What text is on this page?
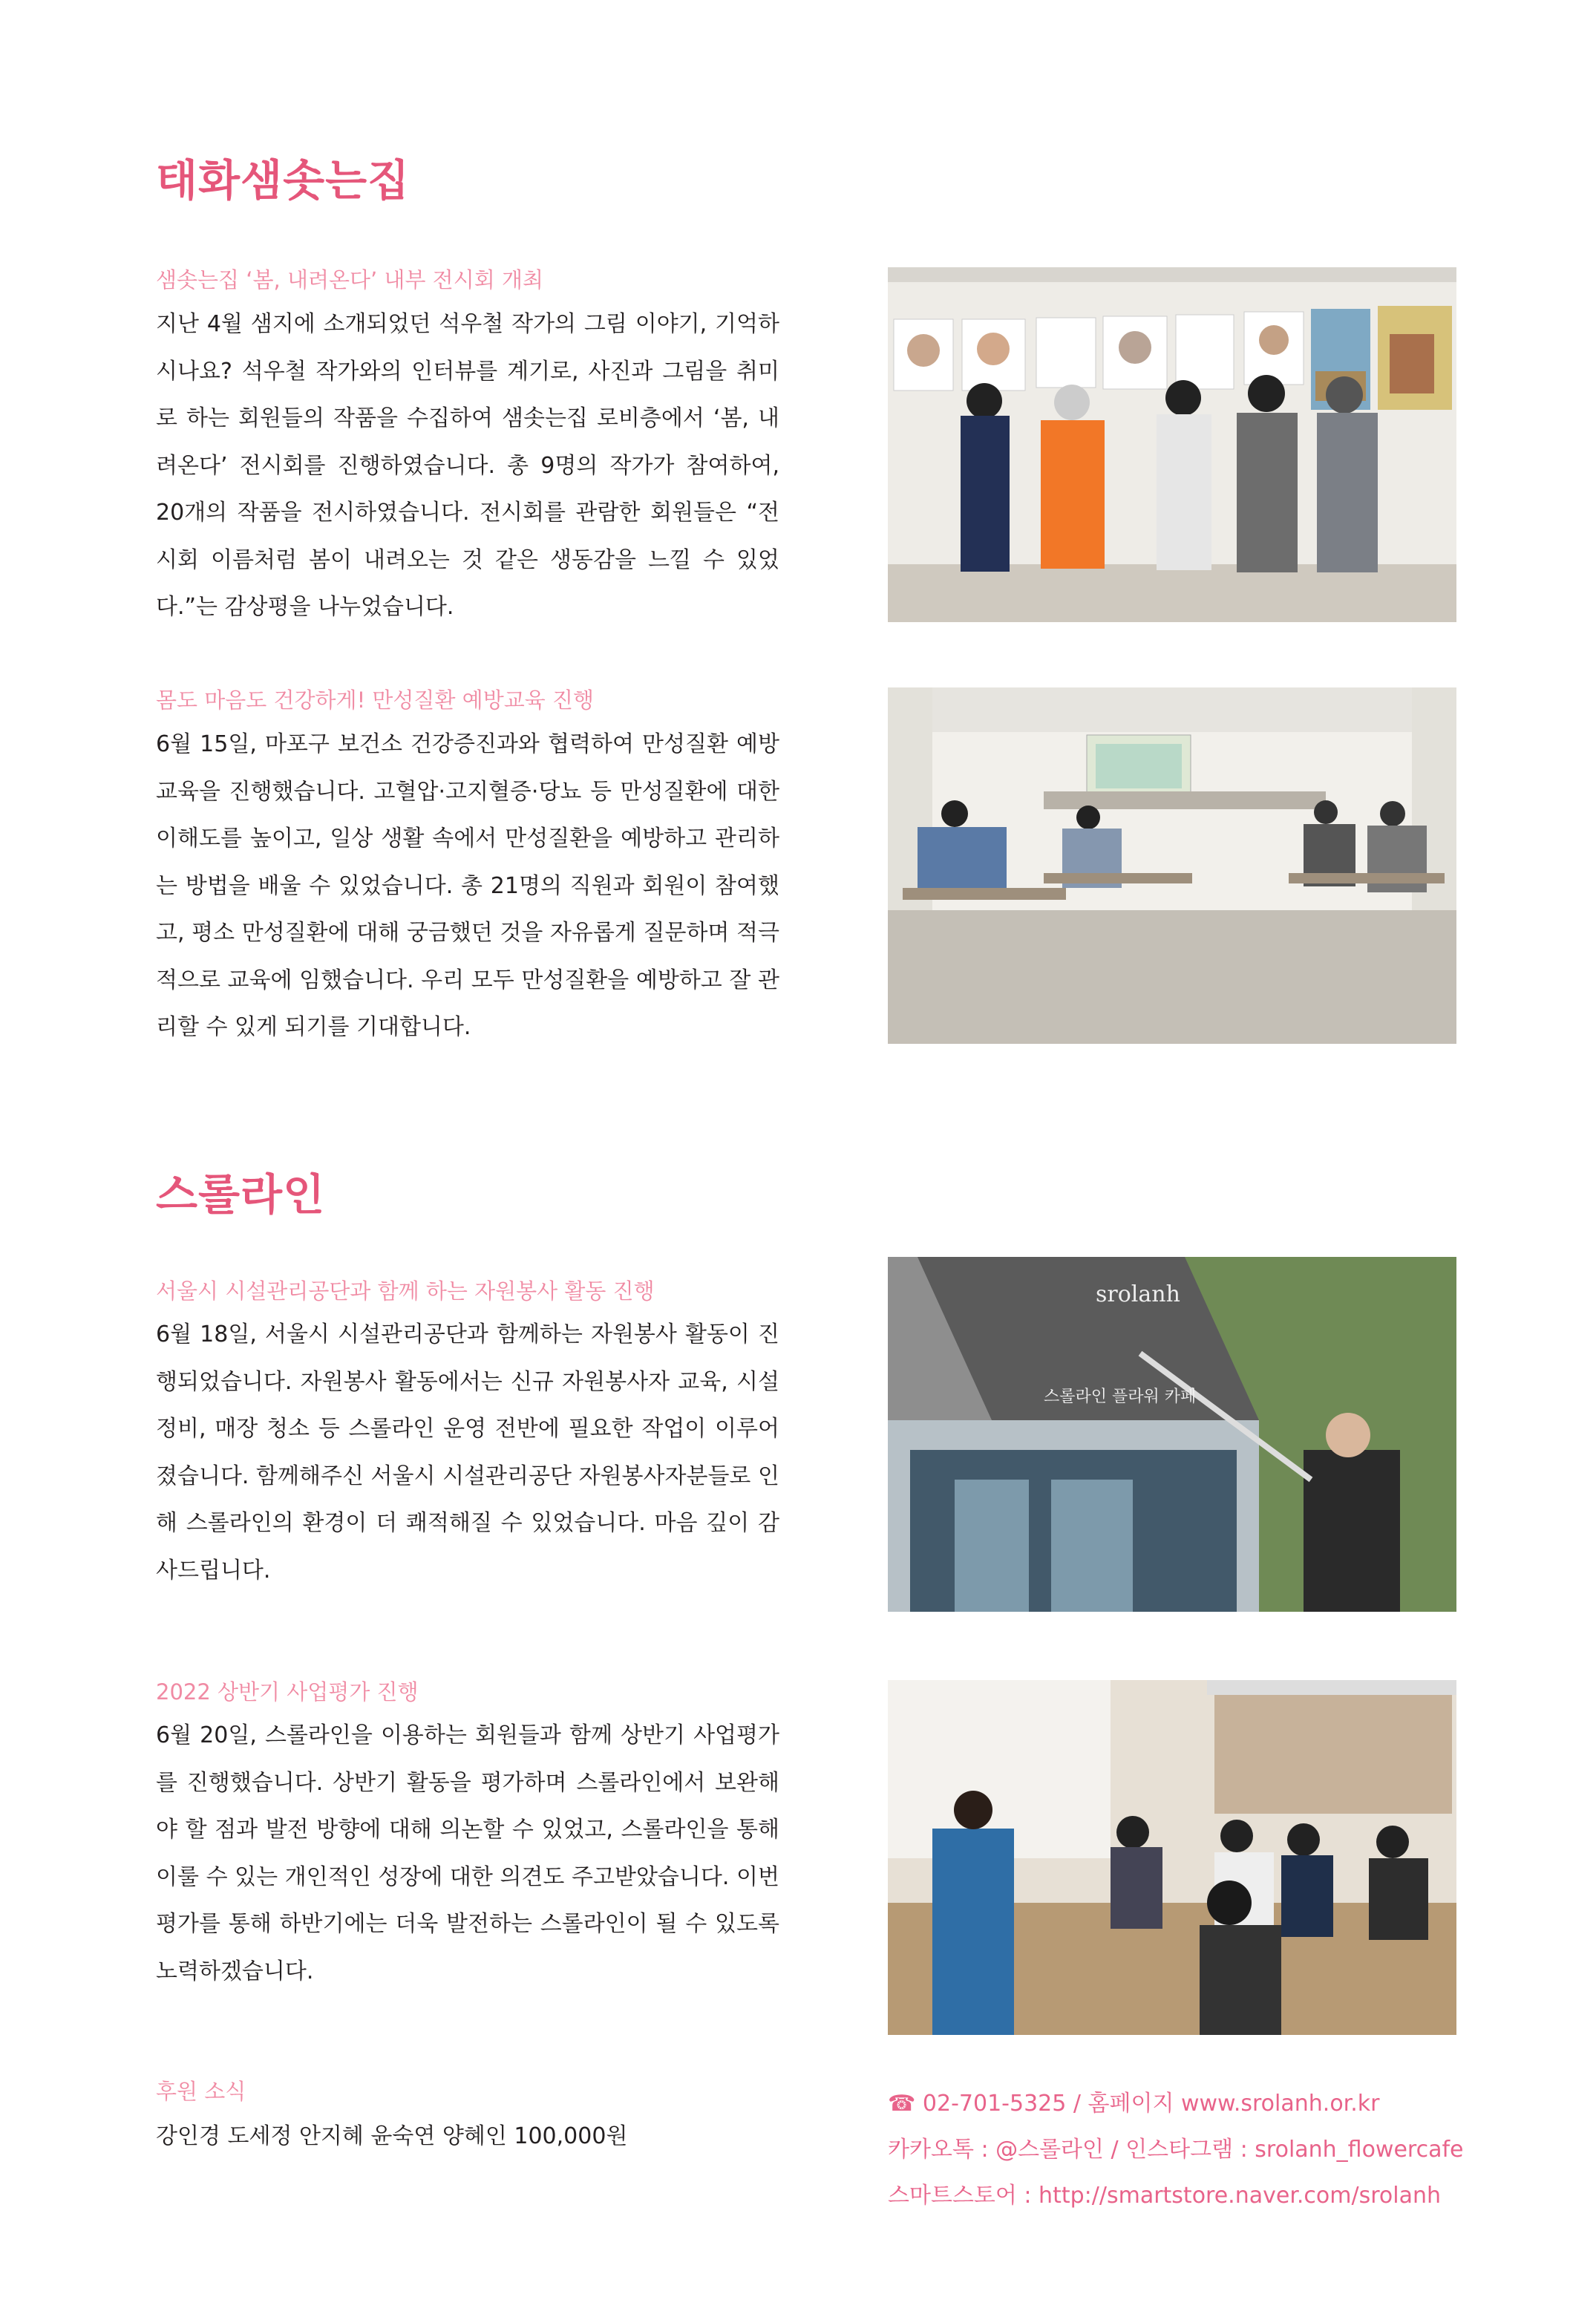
태화샘솟는집
샘솟는집 ‘봄, 내려온다’ 내부 전시회 개최
지난 4월 샘지에 소개되었던 석우철 작가의 그림 이야기, 기억하시나요? 석우철 작가와의 인터뷰를 계기로, 사진과 그림을 취미로 하는 회원들의 작품을 수집하여 샘솟는집 로비층에서 ‘봄, 내려온다’ 전시회를 진행하였습니다. 총 9명의 작가가 참여하여, 20개의 작품을 전시하였습니다. 전시회를 관람한 회원들은 “전시회 이름처럼 봄이 내려오는 것 같은 생동감을 느낄 수 있었다.”는 감상평을 나누었습니다.
몸도 마음도 건강하게! 만성질환 예방교육 진행
6월 15일, 마포구 보건소 건강증진과와 협력하여 만성질환 예방교육을 진행했습니다. 고혈압·고지혈증·당뇨 등 만성질환에 대한 이해도를 높이고, 일상 생활 속에서 만성질환을 예방하고 관리하는 방법을 배울 수 있었습니다. 총 21명의 직원과 회원이 참여했고, 평소 만성질환에 대해 궁금했던 것을 자유롭게 질문하며 적극적으로 교육에 임했습니다. 우리 모두 만성질환을 예방하고 잘 관리할 수 있게 되기를 기대합니다.
스롤라인
서울시 시설관리공단과 함께 하는 자원봉사 활동 진행
6월 18일, 서울시 시설관리공단과 함께하는 자원봉사 활동이 진행되었습니다. 자원봉사 활동에서는 신규 자원봉사자 교육, 시설 정비, 매장 청소 등 스롤라인 운영 전반에 필요한 작업이 이루어졌습니다. 함께해주신 서울시 시설관리공단 자원봉사자분들로 인해 스롤라인의 환경이 더 쾌적해질 수 있었습니다. 마음 깊이 감사드립니다.
스롤라인 플라워 카페
srolanh
2022 상반기 사업평가 진행
6월 20일, 스롤라인을 이용하는 회원들과 함께 상반기 사업평가를 진행했습니다. 상반기 활동을 평가하며 스롤라인에서 보완해야 할 점과 발전 방향에 대해 의논할 수 있었고, 스롤라인을 통해 이룰 수 있는 개인적인 성장에 대한 의견도 주고받았습니다. 이번 평가를 통해 하반기에는 더욱 발전하는 스롤라인이 될 수 있도록 노력하겠습니다.
후원 소식
강인경 도세정 안지혜 윤숙연 양혜인 100,000원
☎ 02-701-5325 / 홈페이지 www.srolanh.or.kr
카카오톡 : @스롤라인 / 인스타그램 : srolanh_flowercafe
스마트스토어 : http://smartstore.naver.com/srolanh
